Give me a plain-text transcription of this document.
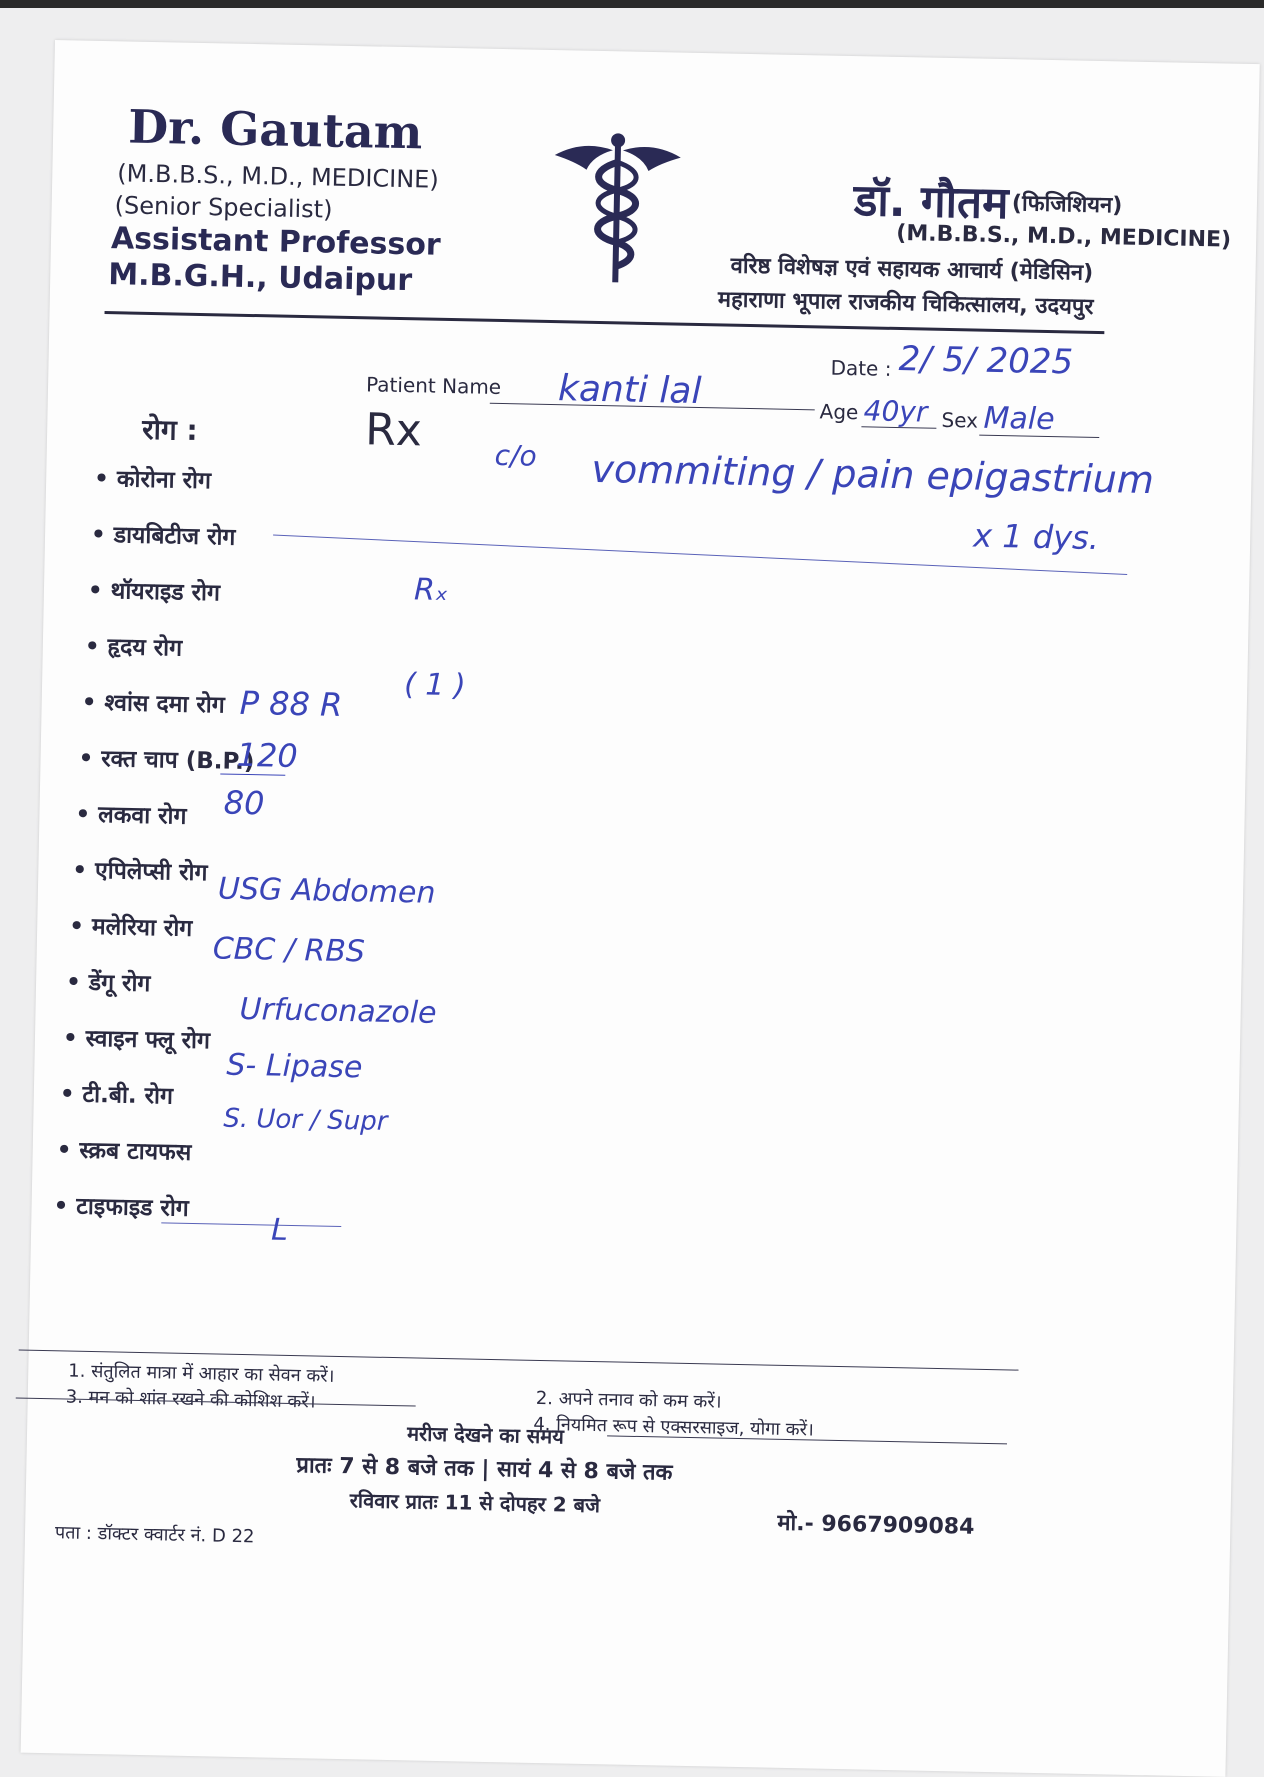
Dr. Gautam
(M.B.B.S., M.D., MEDICINE)
(Senior Specialist)
Assistant Professor
M.B.G.H., Udaipur
डॉ. गौतम (फिजिशियन)
(M.B.B.S., M.D., MEDICINE)
वरिष्ठ विशेषज्ञ एवं सहायक आचार्य (मेडिसिन)
महाराणा भूपाल राजकीय चिकित्सालय, उदयपुर
Date : 2/ 5/ 2025
Patient Name kanti lal	Age 40yr Sex Male
Rx
रोग :
c/o vommiting / pain epigastrium
x 1 dys.
• कोरोना रोग
• डायबिटीज रोग
• थॉयराइड रोग
• हृदय रोग
• श्वांस दमा रोग
• रक्त चाप (B.P.)
• लकवा रोग
• एपिलेप्सी रोग
• मलेरिया रोग
• डेंगू रोग
• स्वाइन फ्लू रोग
• टी.बी. रोग
• स्क्रब टायफस
• टाइफाइड रोग
Rₓ
( 1 )
P 88 R
120
80
USG Abdomen
CBC / RBS
Urfuconazole
S- Lipase
S. Uor / Supr
L
1. संतुलित मात्रा में आहार का सेवन करें।
3. मन को शांत रखने की कोशिश करें।	2. अपने तनाव को कम करें।
4. नियमित रूप से एक्सरसाइज, योगा करें।
मरीज देखने का समय
प्रातः 7 से 8 बजे तक | सायं 4 से 8 बजे तक
रविवार प्रातः 11 से दोपहर 2 बजे
मो.- 9667909084
पता : डॉक्टर क्वार्टर नं. D 22
